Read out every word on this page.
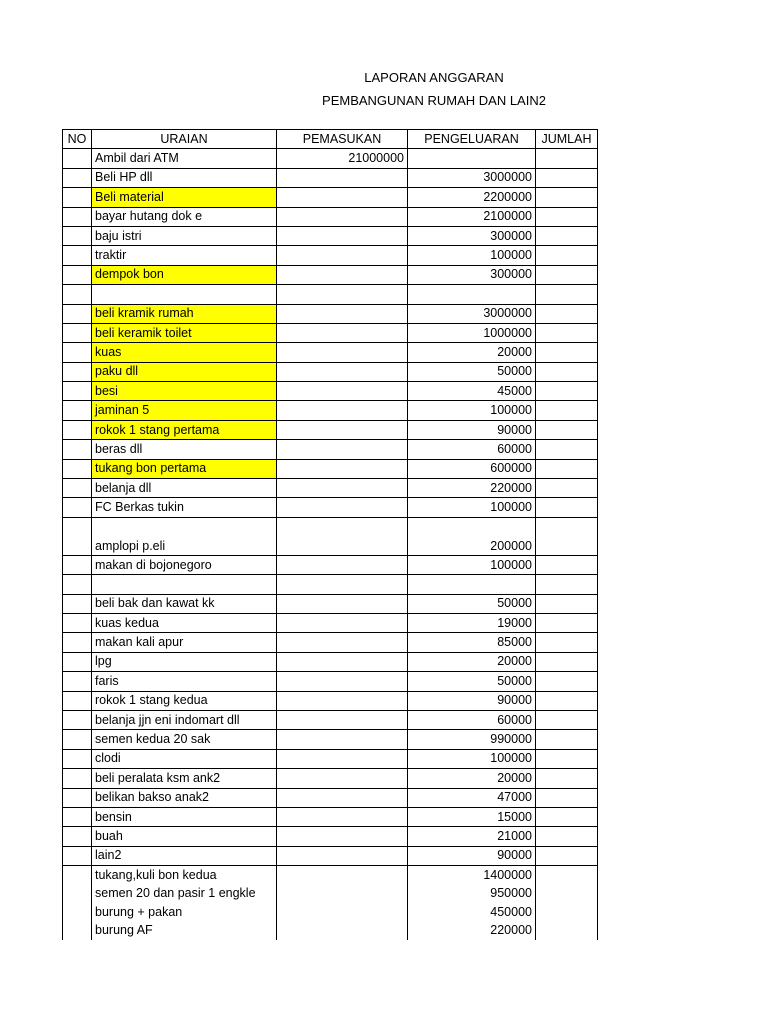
LAPORAN ANGGARAN
PEMBANGUNAN RUMAH DAN LAIN2
NO	URAIAN	PEMASUKAN	PENGELUARAN	JUMLAH
	Ambil dari ATM	21000000		
	Beli HP dll		3000000	
	Beli material		2200000	
	bayar hutang dok e		2100000	
	baju istri		300000	
	traktir		100000	
	dempok bon		300000	

	beli kramik rumah		3000000	
	beli keramik toilet		1000000	
	kuas		20000	
	paku dll		50000	
	besi		45000	
	jaminan 5		100000	
	rokok 1 stang pertama		90000	
	beras dll		60000	
	tukang bon pertama		600000	
	belanja dll		220000	
	FC Berkas tukin		100000	
	amplopi p.eli		200000	
	makan di bojonegoro		100000	

	beli bak dan kawat kk		50000	
	kuas kedua		19000	
	makan kali apur		85000	
	lpg		20000	
	faris		50000	
	rokok 1 stang kedua		90000	
	belanja jjn eni indomart dll		60000	
	semen kedua 20 sak		990000	
	clodi		100000	
	beli peralata ksm ank2		20000	
	belikan bakso anak2		47000	
	bensin		15000	
	buah		21000	
	lain2		90000	
	tukang,kuli bon kedua		1400000	
	semen 20 dan pasir 1 engkle		950000	
	burung + pakan		450000	
	burung AF		220000	
